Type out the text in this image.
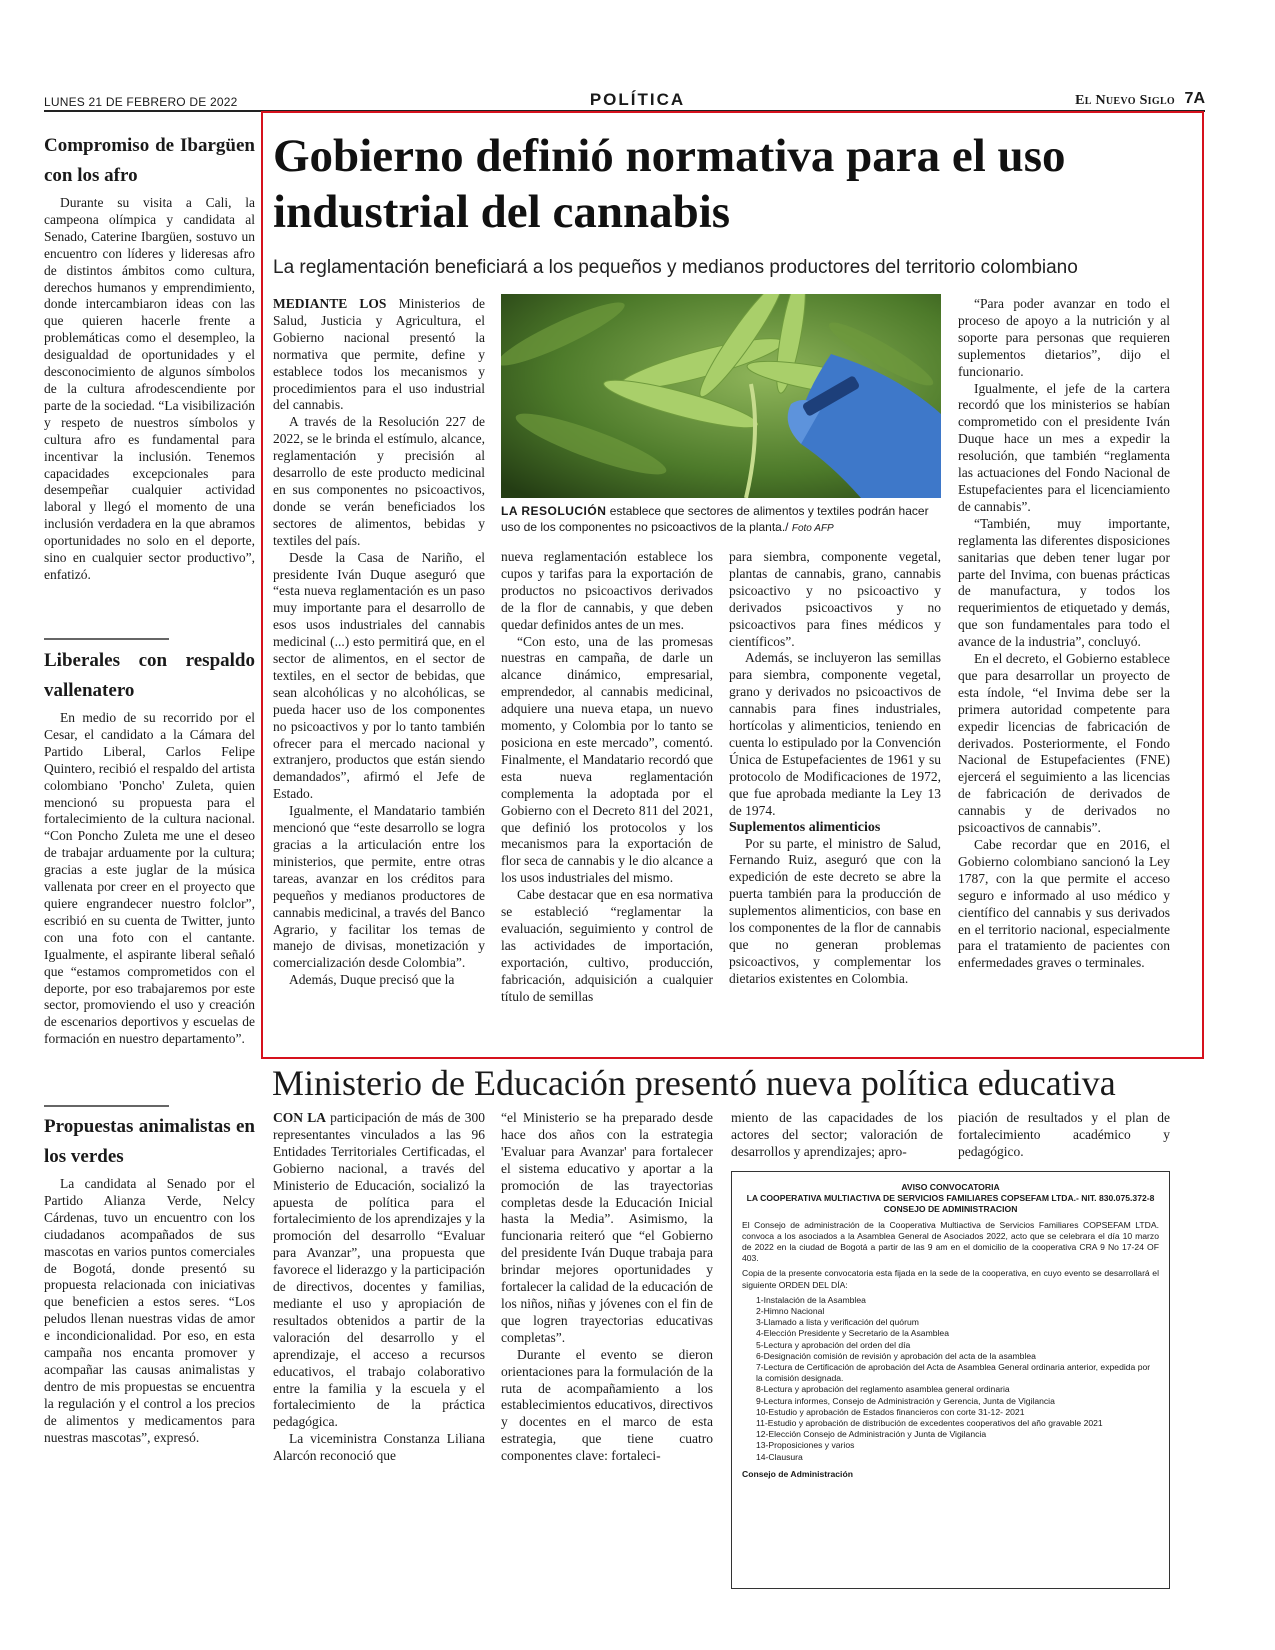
LUNES 21 DE FEBRERO DE 2022	POLÍTICA	El Nuevo Siglo 7A
Compromiso de Ibargüen con los afro

Durante su visita a Cali, la campeona olímpica y candidata al Senado, Caterine Ibargüen, sostuvo un encuentro con líderes y lideresas afro de distintos ámbitos como cultura, derechos humanos y emprendimiento, donde intercambiaron ideas con las que quieren hacerle frente a problemáticas como el desempleo, la desigualdad de oportunidades y el desconocimiento de algunos símbolos de la cultura afrodescendiente por parte de la sociedad. “La visibilización y respeto de nuestros símbolos y cultura afro es fundamental para incentivar la inclusión. Tenemos capacidades excepcionales para desempeñar cualquier actividad laboral y llegó el momento de una inclusión verdadera en la que abramos oportunidades no solo en el deporte, sino en cualquier sector productivo”, enfatizó.

Liberales con respaldo vallenatero

En medio de su recorrido por el Cesar, el candidato a la Cámara del Partido Liberal, Carlos Felipe Quintero, recibió el respaldo del artista colombiano 'Poncho' Zuleta, quien mencionó su propuesta para el fortalecimiento de la cultura nacional. “Con Poncho Zuleta me une el deseo de trabajar arduamente por la cultura; gracias a este juglar de la música vallenata por creer en el proyecto que quiere engrandecer nuestro folclor”, escribió en su cuenta de Twitter, junto con una foto con el cantante. Igualmente, el aspirante liberal señaló que “estamos comprometidos con el deporte, por eso trabajaremos por este sector, promoviendo el uso y creación de escenarios deportivos y escuelas de formación en nuestro departamento”.

Propuestas animalistas en los verdes

La candidata al Senado por el Partido Alianza Verde, Nelcy Cárdenas, tuvo un encuentro con los ciudadanos acompañados de sus mascotas en varios puntos comerciales de Bogotá, donde presentó su propuesta relacionada con iniciativas que beneficien a estos seres. “Los peludos llenan nuestras vidas de amor e incondicionalidad. Por eso, en esta campaña nos encanta promover y acompañar las causas animalistas y dentro de mis propuestas se encuentra la regulación y el control a los precios de alimentos y medicamentos para nuestras mascotas”, expresó.

Gobierno definió normativa para el uso industrial del cannabis
La reglamentación beneficiará a los pequeños y medianos productores del territorio colombiano

MEDIANTE LOS Ministerios de Salud, Justicia y Agricultura, el Gobierno nacional presentó la normativa que permite, define y establece todos los mecanismos y procedimientos para el uso industrial del cannabis.

A través de la Resolución 227 de 2022, se le brinda el estímulo, alcance, reglamentación y precisión al desarrollo de este producto medicinal en sus componentes no psicoactivos, donde se verán beneficiados los sectores de alimentos, bebidas y textiles del país.

Desde la Casa de Nariño, el presidente Iván Duque aseguró que “esta nueva reglamentación es un paso muy importante para el desarrollo de esos usos industriales del cannabis medicinal (...) esto permitirá que, en el sector de alimentos, en el sector de textiles, en el sector de bebidas, que sean alcohólicas y no alcohólicas, se pueda hacer uso de los componentes no psicoactivos y por lo tanto también ofrecer para el mercado nacional y extranjero, productos que están siendo demandados”, afirmó el Jefe de Estado.

Igualmente, el Mandatario también mencionó que “este desarrollo se logra gracias a la articulación entre los ministerios, que permite, entre otras tareas, avanzar en los créditos para pequeños y medianos productores de cannabis medicinal, a través del Banco Agrario, y facilitar los temas de manejo de divisas, monetización y comercialización desde Colombia”.

Además, Duque precisó que la

LA RESOLUCIÓN establece que sectores de alimentos y textiles podrán hacer uso de los componentes no psicoactivos de la planta./ Foto AFP

nueva reglamentación establece los cupos y tarifas para la exportación de productos no psicoactivos derivados de la flor de cannabis, y que deben quedar definidos antes de un mes.

“Con esto, una de las promesas nuestras en campaña, de darle un alcance dinámico, empresarial, emprendedor, al cannabis medicinal, adquiere una nueva etapa, un nuevo momento, y Colombia por lo tanto se posiciona en este mercado”, comentó. Finalmente, el Mandatario recordó que esta nueva reglamentación complementa la adoptada por el Gobierno con el Decreto 811 del 2021, que definió los protocolos y los mecanismos para la exportación de flor seca de cannabis y le dio alcance a los usos industriales del mismo.

Cabe destacar que en esa normativa se estableció “reglamentar la evaluación, seguimiento y control de las actividades de importación, exportación, cultivo, producción, fabricación, adquisición a cualquier título de semillas

para siembra, componente vegetal, plantas de cannabis, grano, cannabis psicoactivo y no psicoactivo y derivados psicoactivos y no psicoactivos para fines médicos y científicos”.

Además, se incluyeron las semillas para siembra, componente vegetal, grano y derivados no psicoactivos de cannabis para fines industriales, hortícolas y alimenticios, teniendo en cuenta lo estipulado por la Convención Única de Estupefacientes de 1961 y su protocolo de Modificaciones de 1972, que fue aprobada mediante la Ley 13 de 1974.

Suplementos alimenticios

Por su parte, el ministro de Salud, Fernando Ruiz, aseguró que con la expedición de este decreto se abre la puerta también para la producción de suplementos alimenticios, con base en los componentes de la flor de cannabis que no generan problemas psicoactivos, y complementar los dietarios existentes en Colombia.

“Para poder avanzar en todo el proceso de apoyo a la nutrición y al soporte para personas que requieren suplementos dietarios”, dijo el funcionario.

Igualmente, el jefe de la cartera recordó que los ministerios se habían comprometido con el presidente Iván Duque hace un mes a expedir la resolución, que también “reglamenta las actuaciones del Fondo Nacional de Estupefacientes para el licenciamiento de cannabis”.

“También, muy importante, reglamenta las diferentes disposiciones sanitarias que deben tener lugar por parte del Invima, con buenas prácticas de manufactura, y todos los requerimientos de etiquetado y demás, que son fundamentales para todo el avance de la industria”, concluyó.

En el decreto, el Gobierno establece que para desarrollar un proyecto de esta índole, “el Invima debe ser la primera autoridad competente para expedir licencias de fabricación de derivados. Posteriormente, el Fondo Nacional de Estupefacientes (FNE) ejercerá el seguimiento a las licencias de fabricación de derivados de cannabis y de derivados no psicoactivos de cannabis”.

Cabe recordar que en 2016, el Gobierno colombiano sancionó la Ley 1787, con la que permite el acceso seguro e informado al uso médico y científico del cannabis y sus derivados en el territorio nacional, especialmente para el tratamiento de pacientes con enfermedades graves o terminales.

Ministerio de Educación presentó nueva política educativa

CON LA participación de más de 300 representantes vinculados a las 96 Entidades Territoriales Certificadas, el Gobierno nacional, a través del Ministerio de Educación, socializó la apuesta de política para el fortalecimiento de los aprendizajes y la promoción del desarrollo “Evaluar para Avanzar”, una propuesta que favorece el liderazgo y la participación de directivos, docentes y familias, mediante el uso y apropiación de resultados obtenidos a partir de la valoración del desarrollo y el aprendizaje, el acceso a recursos educativos, el trabajo colaborativo entre la familia y la escuela y el fortalecimiento de la práctica pedagógica.

La viceministra Constanza Liliana Alarcón reconoció que

“el Ministerio se ha preparado desde hace dos años con la estrategia 'Evaluar para Avanzar' para fortalecer el sistema educativo y aportar a la promoción de las trayectorias completas desde la Educación Inicial hasta la Media”. Asimismo, la funcionaria reiteró que “el Gobierno del presidente Iván Duque trabaja para brindar mejores oportunidades y fortalecer la calidad de la educación de los niños, niñas y jóvenes con el fin de que logren trayectorias educativas completas”.

Durante el evento se dieron orientaciones para la formulación de la ruta de acompañamiento a los establecimientos educativos, directivos y docentes en el marco de esta estrategia, que tiene cuatro componentes clave: fortaleci-

miento de las capacidades de los actores del sector; valoración de desarrollos y aprendizajes; apro-

piación de resultados y el plan de fortalecimiento académico y pedagógico.

AVISO CONVOCATORIA
LA COOPERATIVA MULTIACTIVA DE SERVICIOS FAMILIARES COPSEFAM LTDA.- NIT. 830.075.372-8
CONSEJO DE ADMINISTRACION

El Consejo de administración de la Cooperativa Multiactiva de Servicios Familiares COPSEFAM LTDA. convoca a los asociados a la Asamblea General de Asociados 2022, acto que se celebrara el día 10 marzo de 2022 en la ciudad de Bogotá a partir de las 9 am en el domicilio de la cooperativa CRA 9 No 17-24 OF 403.

Copia de la presente convocatoria esta fijada en la sede de la cooperativa, en cuyo evento se desarrollará el siguiente ORDEN DEL DÍA:

1-Instalación de la Asamblea
2-Himno Nacional
3-Llamado a lista y verificación del quórum
4-Elección Presidente y Secretario de la Asamblea
5-Lectura y aprobación del orden del día
6-Designación comisión de revisión y aprobación del acta de la asamblea
7-Lectura de Certificación de aprobación del Acta de Asamblea General ordinaria anterior, expedida por la comisión designada.
8-Lectura y aprobación del reglamento asamblea general ordinaria
9-Lectura informes, Consejo de Administración y Gerencia, Junta de Vigilancia
10-Estudio y aprobación de Estados financieros con corte 31-12- 2021
11-Estudio y aprobación de distribución de excedentes cooperativos del año gravable 2021
12-Elección Consejo de Administración y Junta de Vigilancia
13-Proposiciones y varios
14-Clausura
Consejo de Administración
